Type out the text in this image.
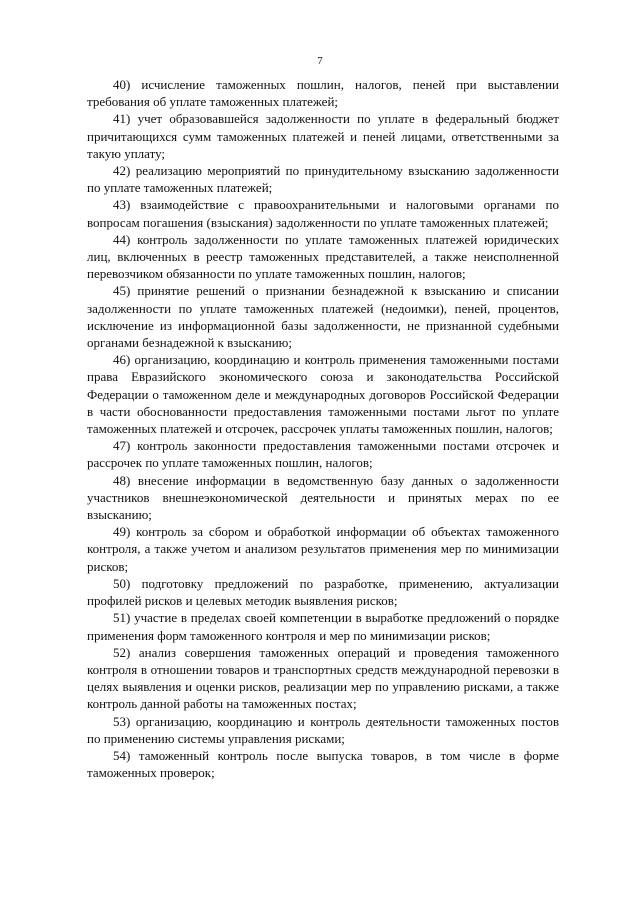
7

40) исчисление таможенных пошлин, налогов, пеней при выставлении требования об уплате таможенных платежей;

41) учет образовавшейся задолженности по уплате в федеральный бюджет причитающихся сумм таможенных платежей и пеней лицами, ответственными за такую уплату;

42) реализацию мероприятий по принудительному взысканию задолженности по уплате таможенных платежей;

43) взаимодействие с правоохранительными и налоговыми органами по вопросам погашения (взыскания) задолженности по уплате таможенных платежей;

44) контроль задолженности по уплате таможенных платежей юридических лиц, включенных в реестр таможенных представителей, а также неисполненной перевозчиком обязанности по уплате таможенных пошлин, налогов;

45) принятие решений о признании безнадежной к взысканию и списании задолженности по уплате таможенных платежей (недоимки), пеней, процентов, исключение из информационной базы задолженности, не признанной судебными органами безнадежной к взысканию;

46) организацию, координацию и контроль применения таможенными постами права Евразийского экономического союза и законодательства Российской Федерации о таможенном деле и международных договоров Российской Федерации в части обоснованности предоставления таможенными постами льгот по уплате таможенных платежей и отсрочек, рассрочек уплаты таможенных пошлин, налогов;

47) контроль законности предоставления таможенными постами отсрочек и рассрочек по уплате таможенных пошлин, налогов;

48) внесение информации в ведомственную базу данных о задолженности участников внешнеэкономической деятельности и принятых мерах по ее взысканию;

49) контроль за сбором и обработкой информации об объектах таможенного контроля, а также учетом и анализом результатов применения мер по минимизации рисков;

50) подготовку предложений по разработке, применению, актуализации профилей рисков и целевых методик выявления рисков;

51) участие в пределах своей компетенции в выработке предложений о порядке применения форм таможенного контроля и мер по минимизации рисков;

52) анализ совершения таможенных операций и проведения таможенного контроля в отношении товаров и транспортных средств международной перевозки в целях выявления и оценки рисков, реализации мер по управлению рисками, а также контроль данной работы на таможенных постах;

53) организацию, координацию и контроль деятельности таможенных постов по применению системы управления рисками;

54) таможенный контроль после выпуска товаров, в том числе в форме таможенных проверок;
